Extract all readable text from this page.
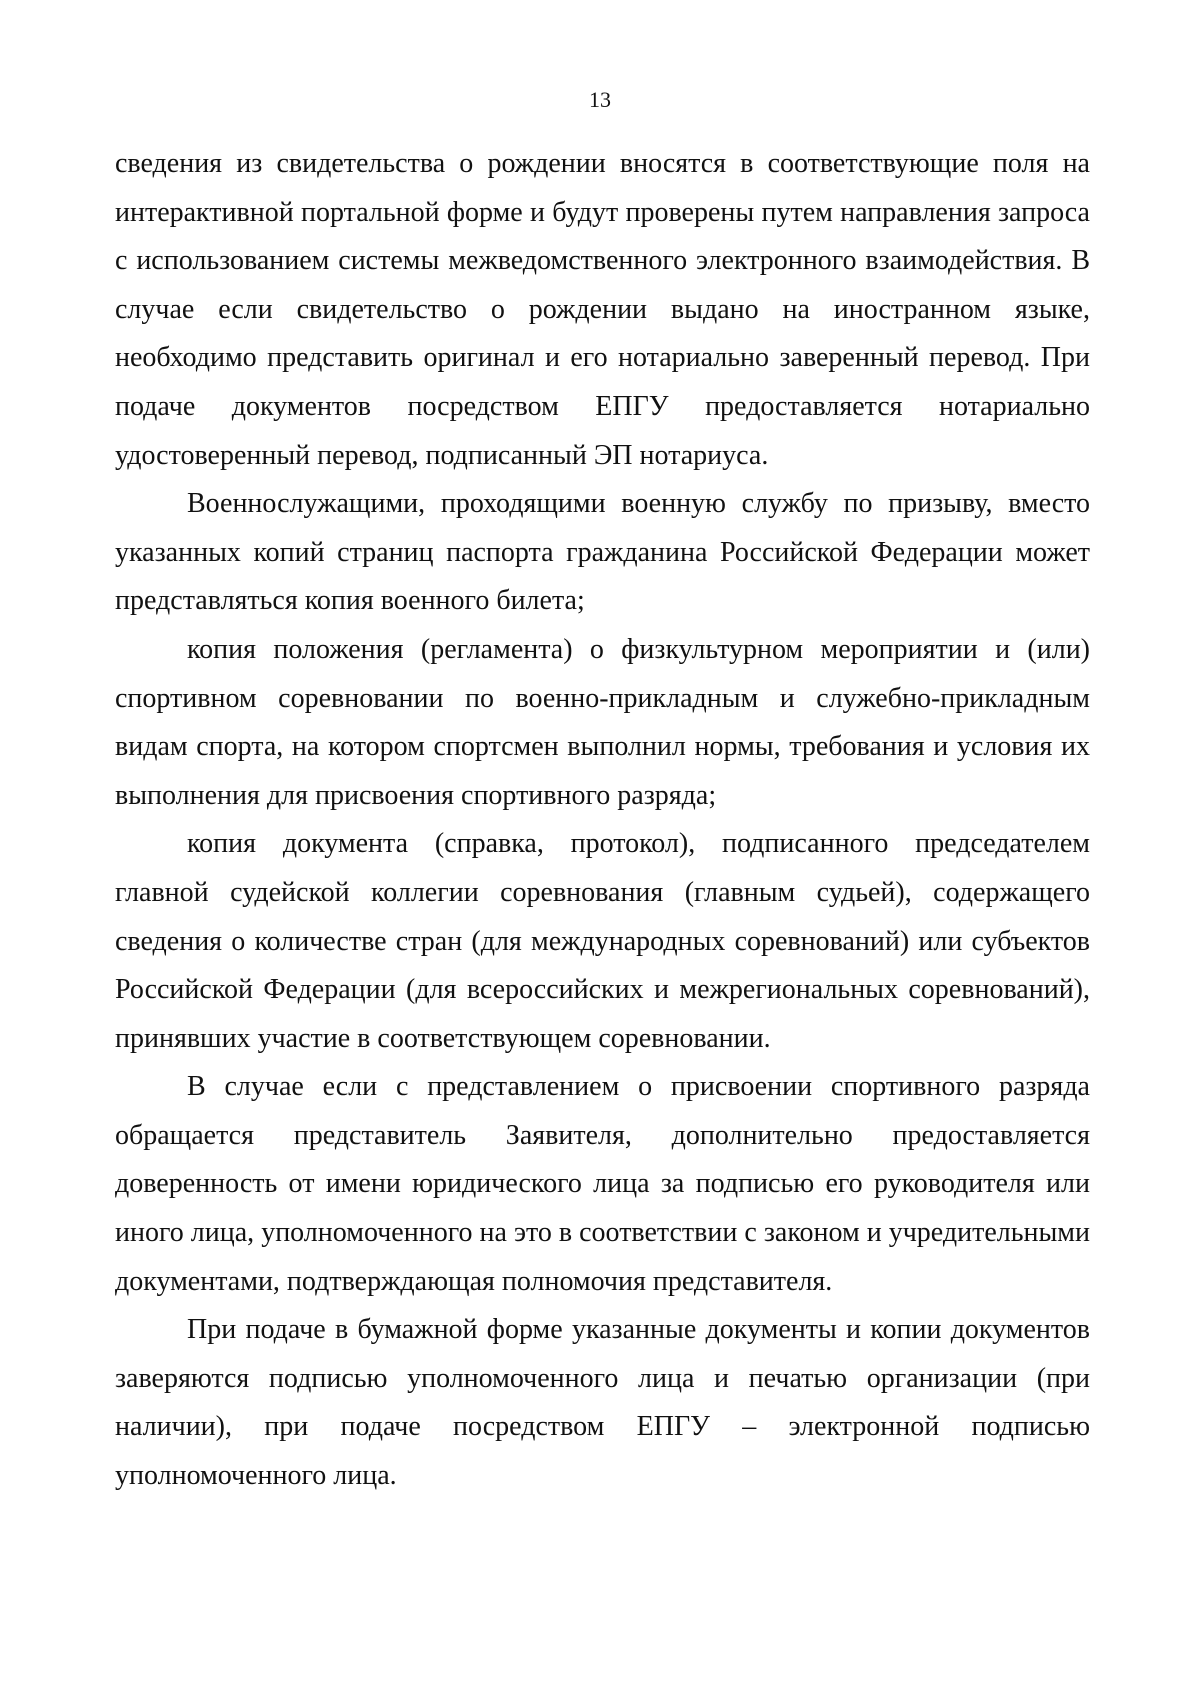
13

сведения из свидетельства о рождении вносятся в соответствующие поля на интерактивной портальной форме и будут проверены путем направления запроса с использованием системы межведомственного электронного взаимодействия. В случае если свидетельство о рождении выдано на иностранном языке, необходимо представить оригинал и его нотариально заверенный перевод. При подаче документов посредством ЕПГУ предоставляется нотариально удостоверенный перевод, подписанный ЭП нотариуса.

Военнослужащими, проходящими военную службу по призыву, вместо указанных копий страниц паспорта гражданина Российской Федерации может представляться копия военного билета;

копия положения (регламента) о физкультурном мероприятии и (или) спортивном соревновании по военно-прикладным и служебно-прикладным видам спорта, на котором спортсмен выполнил нормы, требования и условия их выполнения для присвоения спортивного разряда;

копия документа (справка, протокол), подписанного председателем главной судейской коллегии соревнования (главным судьей), содержащего сведения о количестве стран (для международных соревнований) или субъектов Российской Федерации (для всероссийских и межрегиональных соревнований), принявших участие в соответствующем соревновании.

В случае если с представлением о присвоении спортивного разряда обращается представитель Заявителя, дополнительно предоставляется доверенность от имени юридического лица за подписью его руководителя или иного лица, уполномоченного на это в соответствии с законом и учредительными документами, подтверждающая полномочия представителя.

При подаче в бумажной форме указанные документы и копии документов заверяются подписью уполномоченного лица и печатью организации (при наличии), при подаче посредством ЕПГУ – электронной подписью уполномоченного лица.
